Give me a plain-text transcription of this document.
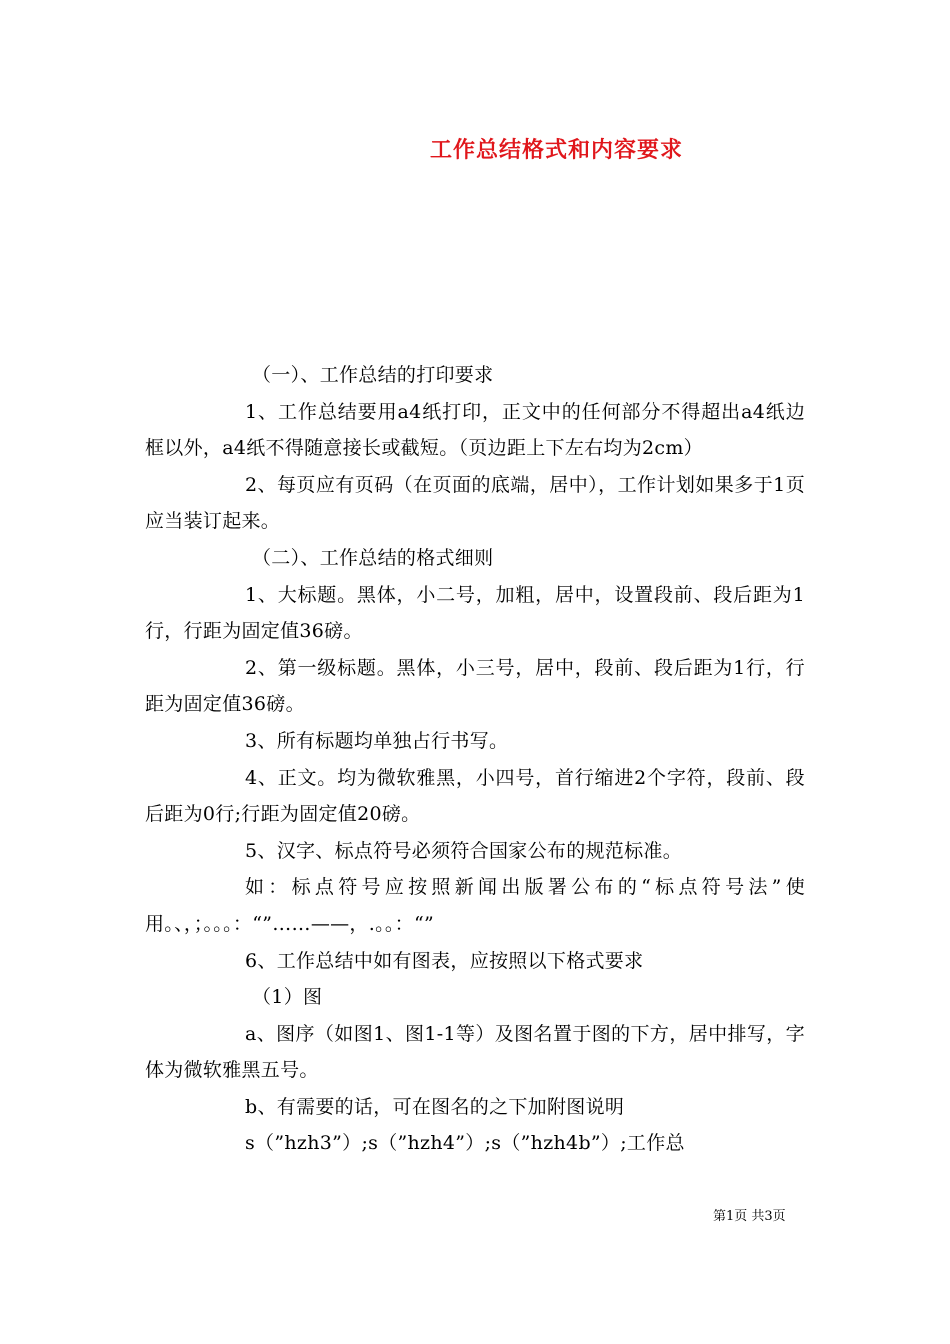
工作总结格式和内容要求

（一）、工作总结的打印要求

1、工作总结要用a4纸打印，正文中的任何部分不得超出a4纸边框以外，a4纸不得随意接长或截短。（页边距上下左右均为2cm）

2、每页应有页码（在页面的底端，居中），工作计划如果多于1页应当装订起来。

（二）、工作总结的格式细则

1、大标题。黑体，小二号，加粗，居中，设置段前、段后距为1行，行距为固定值36磅。

2、第一级标题。黑体，小三号，居中，段前、段后距为1行，行距为固定值36磅。

3、所有标题均单独占行书写。

4、正文。均为微软雅黑，小四号，首行缩进2个字符，段前、段后距为0行;行距为固定值20磅。

5、汉字、标点符号必须符合国家公布的规范标准。

如：标点符号应按照新闻出版署公布的“标点符号法”使用。、，；。。。：“”……——，.。。：“”

6、工作总结中如有图表，应按照以下格式要求

（1）图

a、图序（如图1、图1-1等）及图名置于图的下方，居中排写，字体为微软雅黑五号。

b、有需要的话，可在图名的之下加附图说明

s（”hzh3”）;s（”hzh4”）;s（”hzh4b”）;工作总

第1页 共3页
